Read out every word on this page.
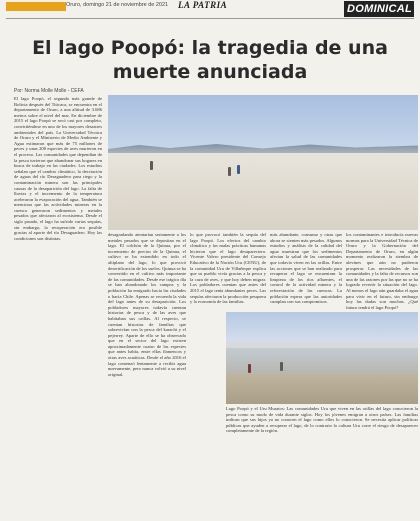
Oruro, domingo 21 de noviembre de 2021 LA PATRIA	DOMINICAL
El lago Poopó: la tragedia de una muerte anunciada
Por: Norma Molle Molle - CEFA
El lago Poopó, el segundo más grande de Bolivia después del Titicaca, se encuentra en el departamento de Oruro, a una altitud de 3.686 metros sobre el nivel del mar. En diciembre de 2015 el lago Poopó se secó casi por completo, convirtiéndose en uno de los mayores desastres ambientales del país. La Universidad Técnica de Oruro y el Ministerio de Medio Ambiente y Agua estimaron que más de 75 millones de peces y unas 200 especies de aves murieron en el proceso. Las comunidades que dependían de la pesca tuvieron que abandonar sus hogares en busca de trabajo en las ciudades. Los estudios señalan que el cambio climático, la desviación de aguas del río Desaguadero para riego y la contaminación minera son las principales causas de la desaparición del lago. La falta de lluvias y el incremento de la temperatura aceleraron la evaporación del agua. También se menciona que las actividades mineras en la cuenca generaron sedimentos y metales pesados que afectaron al ecosistema. Desde el siglo pasado, el lago ha sufrido varias sequías, sin embargo, la recuperación era posible gracias al aporte del río Desaguadero. Hoy las condiciones son distintas.
desagradando atentarían seriamente a los metales pesados que se depositan en el lago. El colchón de la Quinua, por el incremento de precios de la Quinua, el cultivo se ha extendido en todo el altiplano del lago, lo que provocó desertificación de los suelos. Quinua se ha convertido en el cultivo más importante de las comunidades. Desde ese trágico día se han abandonado los campos y la población ha emigrado hacia las ciudades o hacia Chile. Apenas se recuerda la vida del lago antes de su desaparición. Los pobladores mayores todavía cuentan historias de pesca y de las aves que habitaban sus orillas. Al respecto, se cuentan historias de familias que sobrevivían con la pesca del karachi y el pejerrey. Aparte de ello se ha observado que en el sector del lago existen aproximadamente cuatro de las especies que antes había, entre ellas flamencos y otras aves acuáticas. Desde el año 2016 el lago comenzó lentamente a recibir agua nuevamente, pero nunca volvió a su nivel original.
lo que provocó también la sequía del lago Poopó. Los efectos del cambio climático y las malas prácticas humanas hicieron que el lago desapareciera. Vicente Valero presidente del Consejo Educativo de la Nación Uru (CENU), de la comunidad Uru de Villañeque explica que su pueblo vivía gracias a la pesca y la caza de aves, y que hoy deben migrar. Los pobladores cuentan que antes del 2015 el lago tenía abundantes peces. Las sequías afectaron la producción pesquera y la economía de las familias.
más abundante, consumo y otras que ahora se sienten más pesados. Algunos estudios y análisis de la calidad del agua muestran que los sedimentos afectan la salud de las comunidades que todavía viven en las orillas. Entre las acciones que se han realizado para recuperar el lago se encuentran la limpieza de los ríos afluentes, el control de la actividad minera y la reforestación de las cuencas. La población espera que las autoridades cumplan con sus compromisos.
los contaminantes e introducía nuevas normas para la Universidad Técnica de Oruro y la Gobernación del Departamento de Oruro, en algún momento realizaron la siembra de alevines que aún no pudieron prosperar. Las necesidades de las comunidades y la falta de recursos son una de las razones por las que no se ha logrado revertir la situación del lago. Al menos el lago aún guardaba el agua para vivir en el futuro, sin embargo hoy las dudas son muchas. ¿Qué futuro tendrá el lago Poopó?
Lago Poopó y el Uru Muratos: Las comunidades Uru que viven en las orillas del lago conocieron la pesca como su modo de vida durante siglos. Hoy los jóvenes emigran a otros países. Las familias indican que sus hijos ya no conocen el lago como ellos lo conocieron. Se necesita aplicar políticas públicas que ayuden a recuperar el lago, de lo contrario la cultura Uru corre el riesgo de desaparecer completamente de la región.
